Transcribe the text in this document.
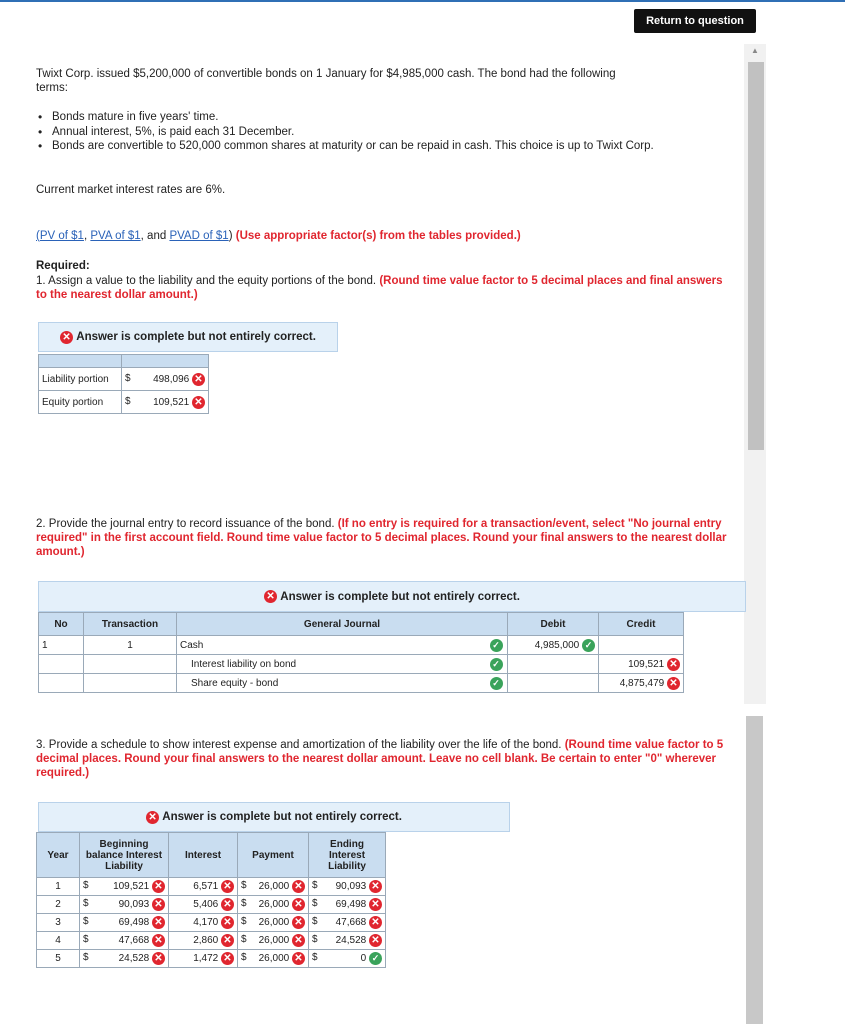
Return to question
▲
Twixt Corp. issued $5,200,000 of convertible bonds on 1 January for $4,985,000 cash. The bond had the following
terms:
• Bonds mature in five years' time.
• Annual interest, 5%, is paid each 31 December.
• Bonds are convertible to 520,000 common shares at maturity or can be repaid in cash. This choice is up to Twixt Corp.
Current market interest rates are 6%.
(PV of $1, PVA of $1, and PVAD of $1) (Use appropriate factor(s) from the tables provided.)
Required:
1. Assign a value to the liability and the equity portions of the bond. (Round time value factor to 5 decimal places and final answers to the nearest dollar amount.)
✕
Answer is complete but not entirely correct.

Liability portion	$ 498,096 ✕

Equity portion	$ 109,521 ✕
2. Provide the journal entry to record issuance of the bond. (If no entry is required for a transaction/event, select "No journal entry required" in the first account field. Round time value factor to 5 decimal places. Round your final answers to the nearest dollar amount.)
✕
Answer is complete but not entirely correct.
No	Transaction	General Journal		Debit	Credit
1	1	Cash	✓	4,985,000 ✓	
		Interest liability on bond	✓		109,521 ✕
		Share equity - bond	✓		4,875,479 ✕
3. Provide a schedule to show interest expense and amortization of the liability over the life of the bond. (Round time value factor to 5 decimal places. Round your final answers to the nearest dollar amount. Leave no cell blank. Be certain to enter "0" wherever required.)
✕
Answer is complete but not entirely correct.
Year	Beginning balance Interest Liability	Interest	Payment	Ending Interest Liability
1	$ 109,521 ✕	6,571 ✕	$ 26,000 ✕	$ 90,093 ✕

2	$ 90,093 ✕	5,406 ✕	$ 26,000 ✕	$ 69,498 ✕

3	$ 69,498 ✕	4,170 ✕	$ 26,000 ✕	$ 47,668 ✕

4	$ 47,668 ✕	2,860 ✕	$ 26,000 ✕	$ 24,528 ✕

5	$ 24,528 ✕	1,472 ✕	$ 26,000 ✕	$ 0 ✓
